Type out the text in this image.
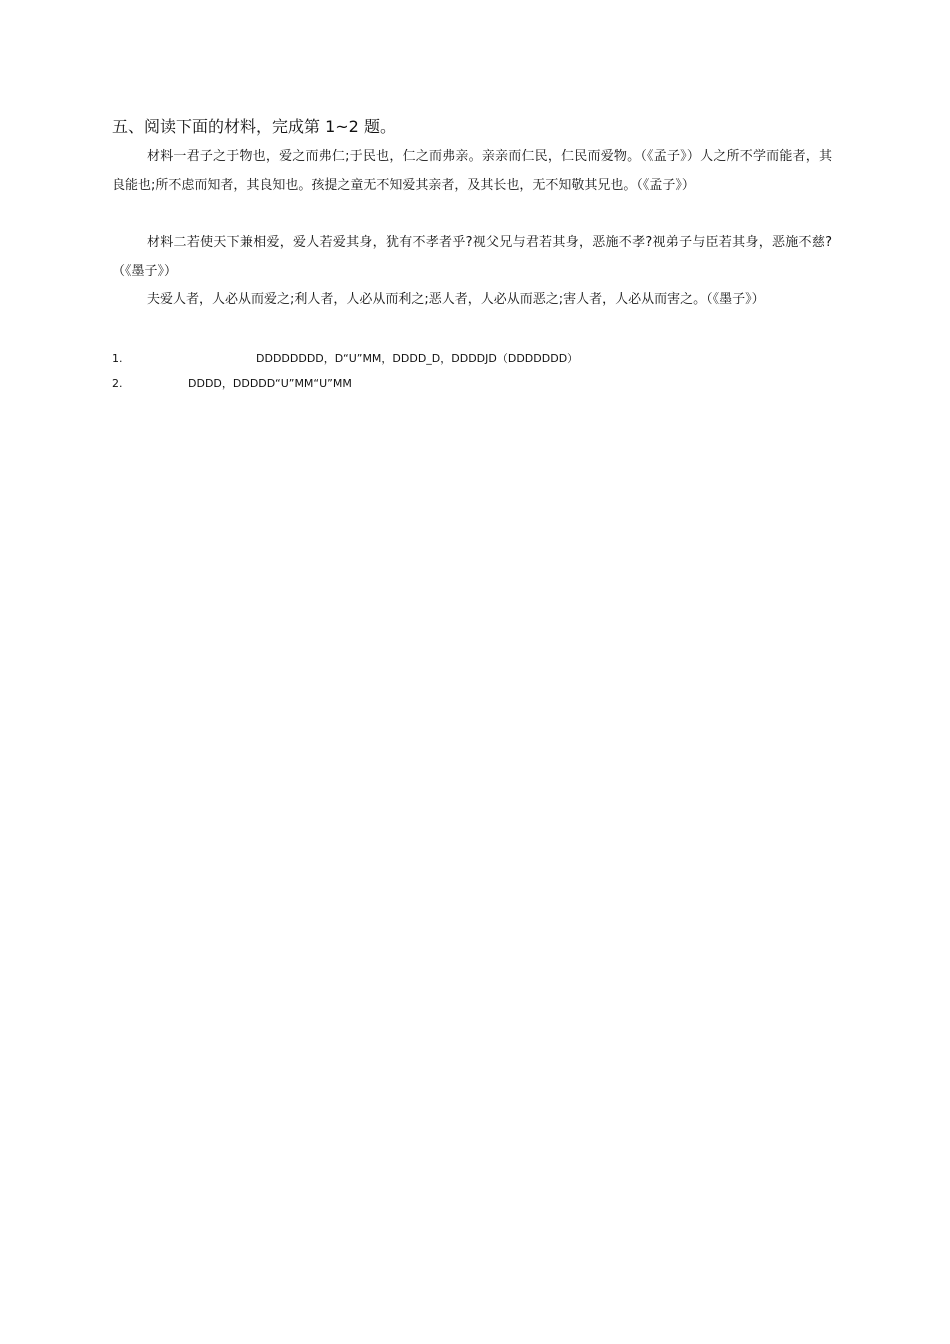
五、阅读下面的材料，完成第 1~2 题。

材料一君子之于物也，爱之而弗仁;于民也，仁之而弗亲。亲亲而仁民，仁民而爱物。（《孟子》）人之所不学而能者，其良能也;所不虑而知者，其良知也。孩提之童无不知爱其亲者，及其长也，无不知敬其兄也。（《孟子》）

材料二若使天下兼相爱，爱人若爱其身，犹有不孝者乎?视父兄与君若其身，恶施不孝?视弟子与臣若其身，恶施不慈?（《墨子》）

夫爱人者，人必从而爱之;利人者，人必从而利之;恶人者，人必从而恶之;害人者，人必从而害之。（《墨子》）

1.	DDDDDDDD，D“U”MM，DDDD_D，DDDDJD（DDDDDDD）
2.	DDDD，DDDDD“U”MM“U”MM
